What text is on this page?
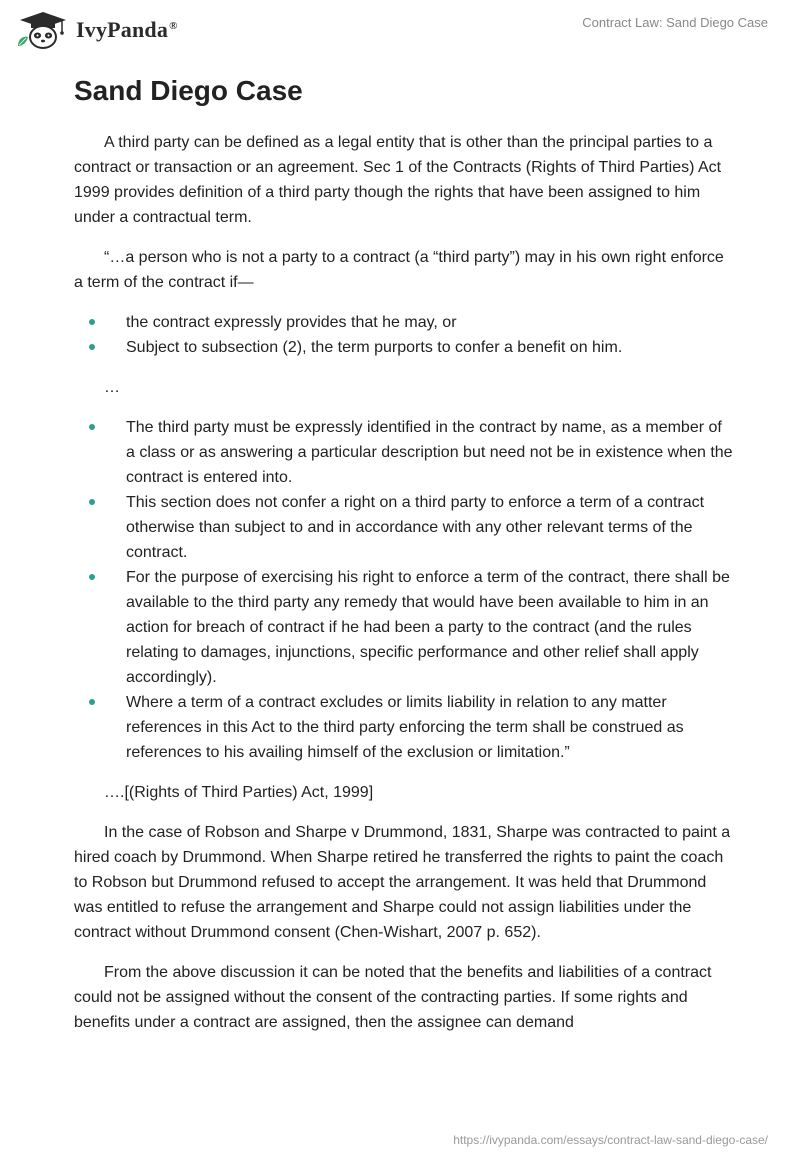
IvyPanda®	Contract Law: Sand Diego Case
Sand Diego Case

A third party can be defined as a legal entity that is other than the principal parties to a contract or transaction or an agreement. Sec 1 of the Contracts (Rights of Third Parties) Act 1999 provides definition of a third party though the rights that have been assigned to him under a contractual term.

“…a person who is not a party to a contract (a “third party”) may in his own right enforce a term of the contract if—

the contract expressly provides that he may, or
Subject to subsection (2), the term purports to confer a benefit on him.

…

The third party must be expressly identified in the contract by name, as a member of a class or as answering a particular description but need not be in existence when the contract is entered into.
This section does not confer a right on a third party to enforce a term of a contract otherwise than subject to and in accordance with any other relevant terms of the contract.
For the purpose of exercising his right to enforce a term of the contract, there shall be available to the third party any remedy that would have been available to him in an action for breach of contract if he had been a party to the contract (and the rules relating to damages, injunctions, specific performance and other relief shall apply accordingly).
Where a term of a contract excludes or limits liability in relation to any matter references in this Act to the third party enforcing the term shall be construed as references to his availing himself of the exclusion or limitation.”

….[(Rights of Third Parties) Act, 1999]

In the case of Robson and Sharpe v Drummond, 1831, Sharpe was contracted to paint a hired coach by Drummond. When Sharpe retired he transferred the rights to paint the coach to Robson but Drummond refused to accept the arrangement. It was held that Drummond was entitled to refuse the arrangement and Sharpe could not assign liabilities under the contract without Drummond consent (Chen-Wishart, 2007 p. 652).

From the above discussion it can be noted that the benefits and liabilities of a contract could not be assigned without the consent of the contracting parties. If some rights and benefits under a contract are assigned, then the assignee can demand

https://ivypanda.com/essays/contract-law-sand-diego-case/
